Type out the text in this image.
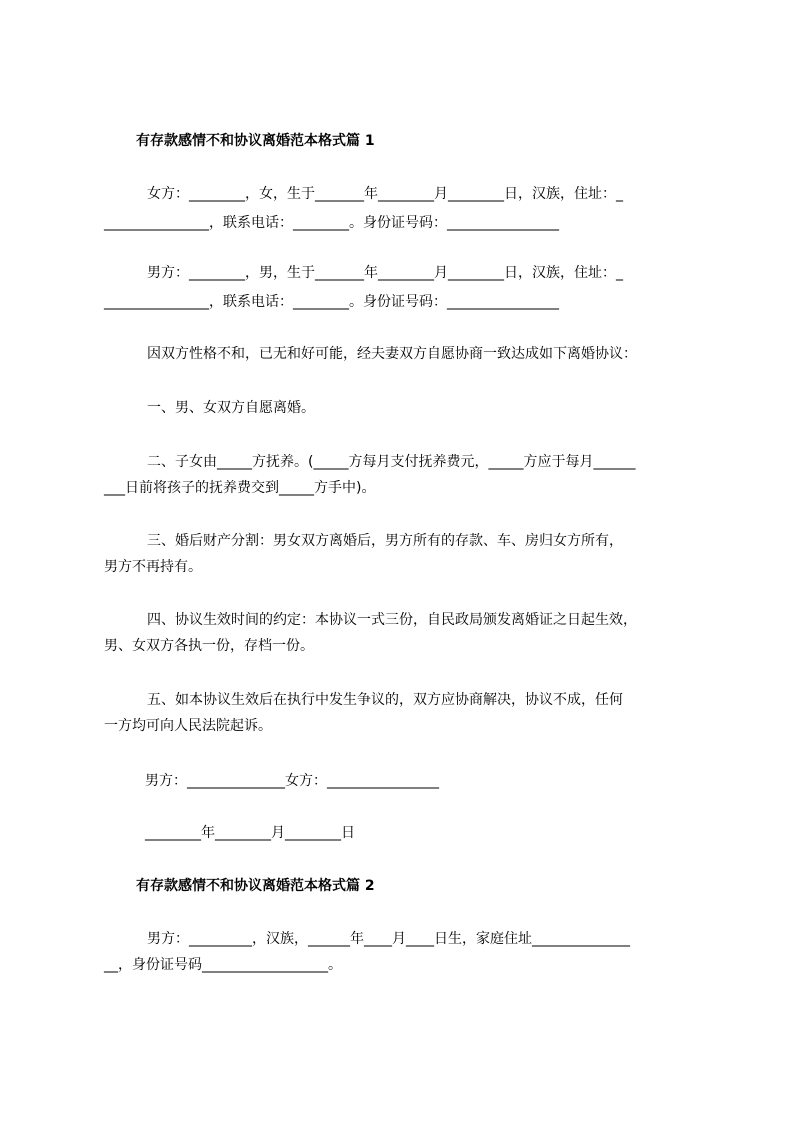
有存款感情不和协议离婚范本格式篇 1
女方：________，女，生于_______年________月________日，汉族，住址：_
_______________，联系电话：________。身份证号码：________________
男方：________，男，生于_______年________月________日，汉族，住址：_
_______________，联系电话：________。身份证号码：________________
因双方性格不和，已无和好可能，经夫妻双方自愿协商一致达成如下离婚协议：
一、男、女双方自愿离婚。
二、子女由_____方抚养。(_____方每月支付抚养费元，_____方应于每月______
___日前将孩子的抚养费交到_____方手中)。
三、婚后财产分割：男女双方离婚后，男方所有的存款、车、房归女方所有，
男方不再持有。
四、协议生效时间的约定：本协议一式三份，自民政局颁发离婚证之日起生效，
男、女双方各执一份，存档一份。
五、如本协议生效后在执行中发生争议的，双方应协商解决，协议不成，任何
一方均可向人民法院起诉。
男方：______________女方：________________
________年________月________日
有存款感情不和协议离婚范本格式篇 2
男方：_________，汉族，______年____月____日生，家庭住址______________
__，身份证号码__________________。
